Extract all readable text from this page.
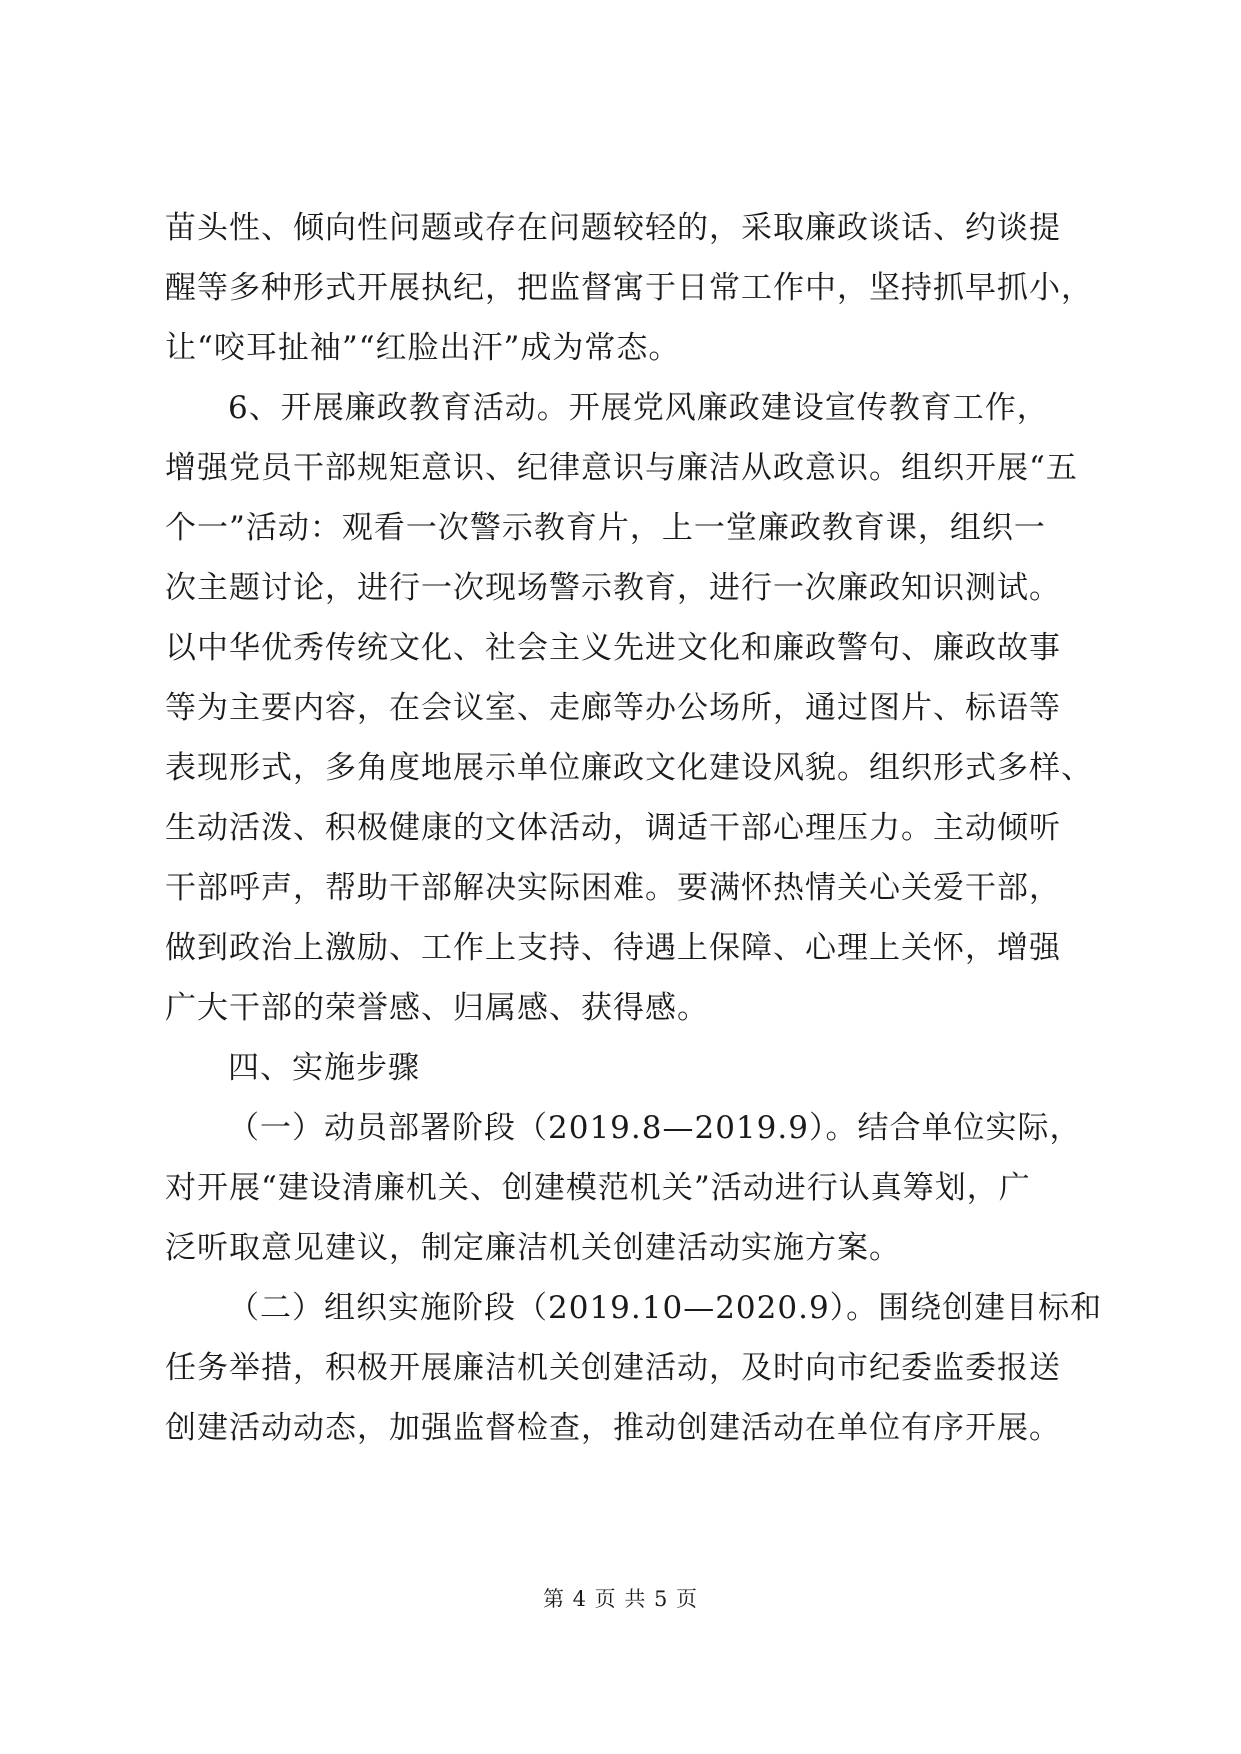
苗头性、倾向性问题或存在问题较轻的，采取廉政谈话、约谈提
醒等多种形式开展执纪，把监督寓于日常工作中，坚持抓早抓小，
让“咬耳扯袖”“红脸出汗”成为常态。
6、开展廉政教育活动。开展党风廉政建设宣传教育工作，
增强党员干部规矩意识、纪律意识与廉洁从政意识。组织开展“五
个一”活动：观看一次警示教育片，上一堂廉政教育课，组织一
次主题讨论，进行一次现场警示教育，进行一次廉政知识测试。
以中华优秀传统文化、社会主义先进文化和廉政警句、廉政故事
等为主要内容，在会议室、走廊等办公场所，通过图片、标语等
表现形式，多角度地展示单位廉政文化建设风貌。组织形式多样、
生动活泼、积极健康的文体活动，调适干部心理压力。主动倾听
干部呼声，帮助干部解决实际困难。要满怀热情关心关爱干部，
做到政治上激励、工作上支持、待遇上保障、心理上关怀，增强
广大干部的荣誉感、归属感、获得感。
四、实施步骤
（一）动员部署阶段（2019.8—2019.9）。结合单位实际，
对开展“建设清廉机关、创建模范机关”活动进行认真筹划，广
泛听取意见建议，制定廉洁机关创建活动实施方案。
（二）组织实施阶段（2019.10—2020.9）。围绕创建目标和
任务举措，积极开展廉洁机关创建活动，及时向市纪委监委报送
创建活动动态，加强监督检查，推动创建活动在单位有序开展。
第 4 页 共 5 页
